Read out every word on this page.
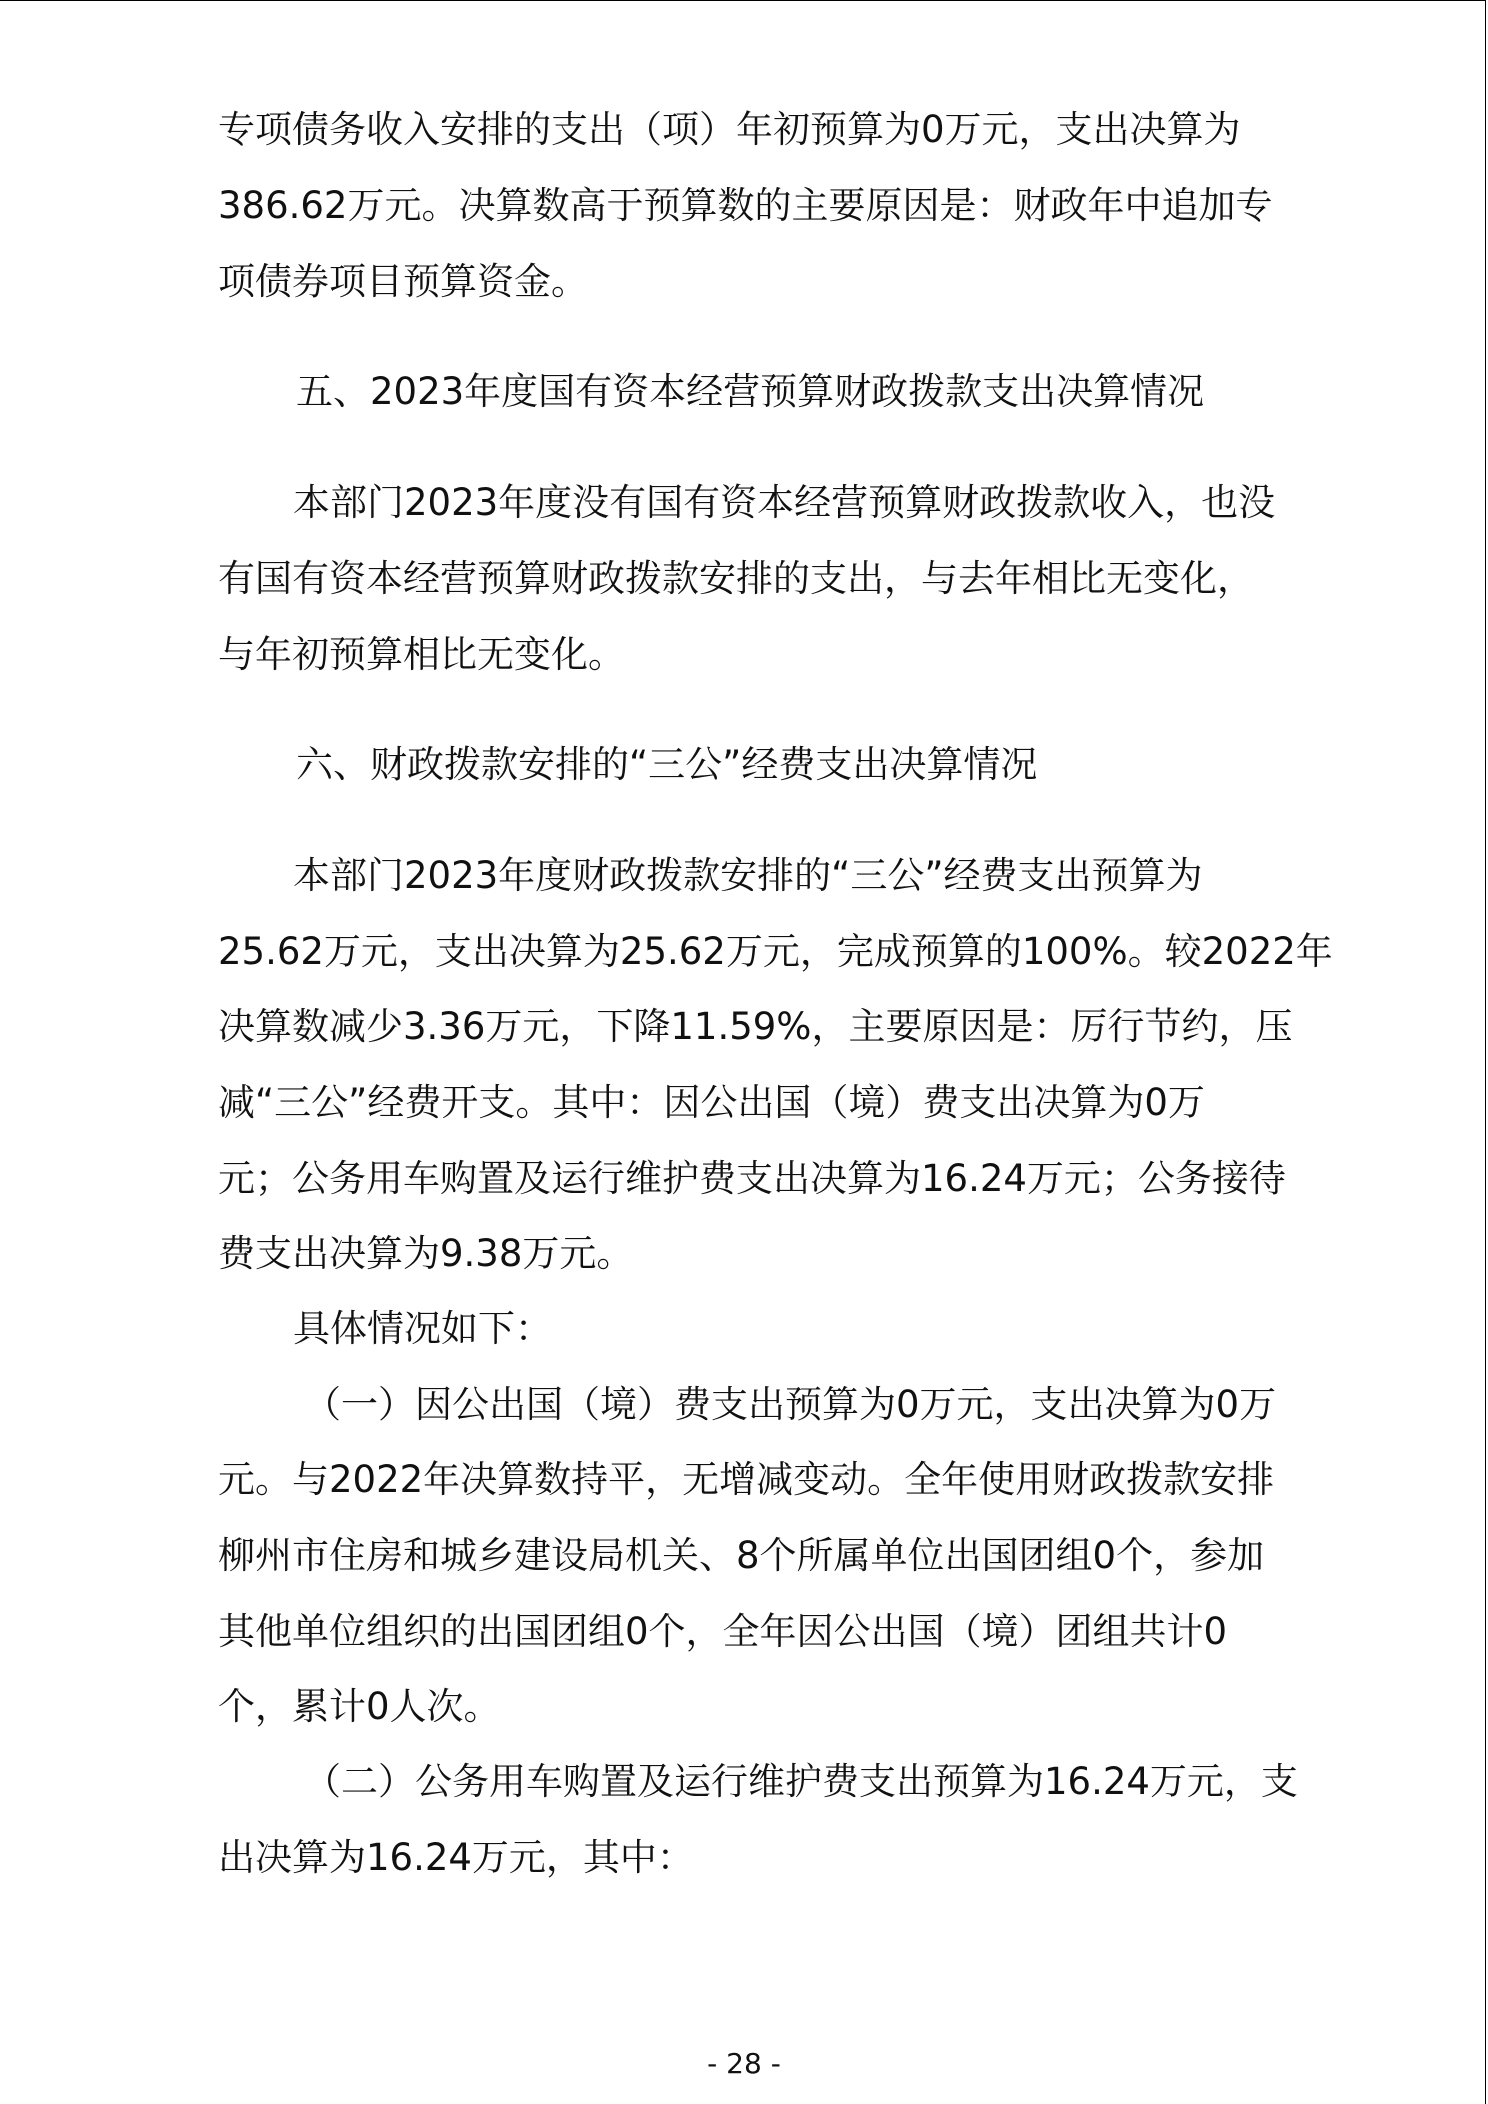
专项债务收入安排的支出（项）年初预算为0万元，支出决算为
386.62万元。决算数高于预算数的主要原因是：财政年中追加专
项债券项目预算资金。
五、2023年度国有资本经营预算财政拨款支出决算情况
本部门2023年度没有国有资本经营预算财政拨款收入，也没
有国有资本经营预算财政拨款安排的支出，与去年相比无变化，
与年初预算相比无变化。
六、财政拨款安排的“三公”经费支出决算情况
本部门2023年度财政拨款安排的“三公”经费支出预算为
25.62万元，支出决算为25.62万元，完成预算的100%。较2022年
决算数减少3.36万元，下降11.59%，主要原因是：厉行节约，压
减“三公”经费开支。其中：因公出国（境）费支出决算为0万
元；公务用车购置及运行维护费支出决算为16.24万元；公务接待
费支出决算为9.38万元。
具体情况如下：
（一）因公出国（境）费支出预算为0万元，支出决算为0万
元。与2022年决算数持平，无增减变动。全年使用财政拨款安排
柳州市住房和城乡建设局机关、8个所属单位出国团组0个，参加
其他单位组织的出国团组0个，全年因公出国（境）团组共计0
个，累计0人次。
（二）公务用车购置及运行维护费支出预算为16.24万元，支
出决算为16.24万元，其中：
- 28 -
